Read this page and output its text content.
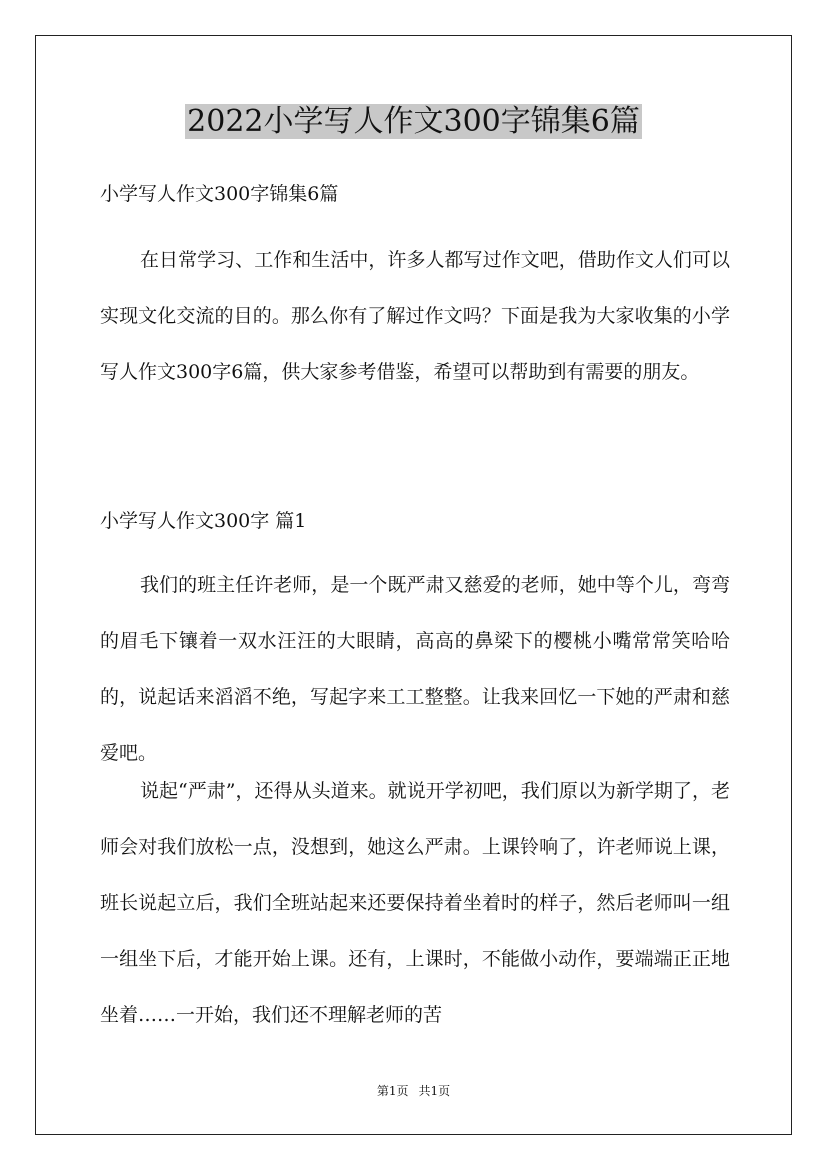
2022小学写人作文300字锦集6篇
小学写人作文300字锦集6篇
在日常学习、工作和生活中，许多人都写过作文吧，借助作文人们可以实现文化交流的目的。那么你有了解过作文吗？下面是我为大家收集的小学写人作文300字6篇，供大家参考借鉴，希望可以帮助到有需要的朋友。
小学写人作文300字 篇1
我们的班主任许老师，是一个既严肃又慈爱的老师，她中等个儿，弯弯的眉毛下镶着一双水汪汪的大眼睛，高高的鼻梁下的樱桃小嘴常常笑哈哈的，说起话来滔滔不绝，写起字来工工整整。让我来回忆一下她的严肃和慈爱吧。
说起“严肃”，还得从头道来。就说开学初吧，我们原以为新学期了，老师会对我们放松一点，没想到，她这么严肃。上课铃响了，许老师说上课，班长说起立后，我们全班站起来还要保持着坐着时的样子，然后老师叫一组一组坐下后，才能开始上课。还有，上课时，不能做小动作，要端端正正地坐着……一开始，我们还不理解老师的苦
第1页 共1页
